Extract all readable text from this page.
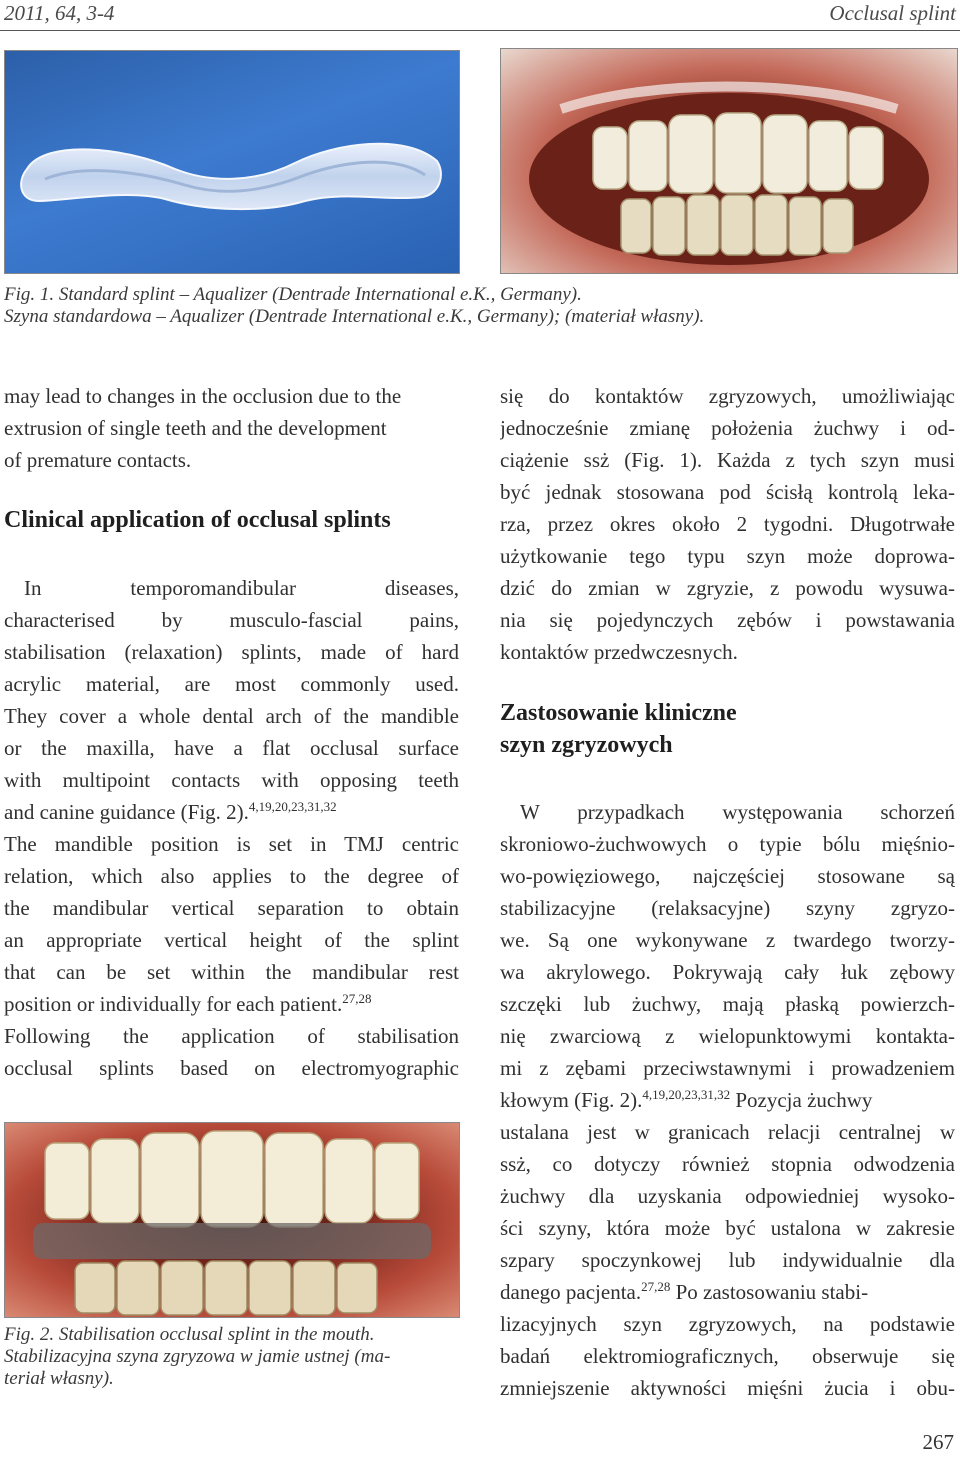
2011, 64, 3-4	Occlusal splint
Fig. 1. Standard splint – Aqualizer (Dentrade International e.K., Germany).
Szyna standardowa – Aqualizer (Dentrade International e.K., Germany); (materiał własny).
may lead to changes in the occlusion due to the
extrusion of single teeth and the development
of premature contacts.
Clinical application of occlusal splints
In temporomandibular diseases,
characterised by musculo-fascial pains,
stabilisation (relaxation) splints, made of hard
acrylic material, are most commonly used.
They cover a whole dental arch of the mandible
or the maxilla, have a flat occlusal surface
with multipoint contacts with opposing teeth
and canine guidance (Fig. 2).$^{4,19,20,23,31,32}$
The mandible position is set in TMJ centric
relation, which also applies to the degree of
the mandibular vertical separation to obtain
an appropriate vertical height of the splint
that can be set within the mandibular rest
position or individually for each patient.$^{27,28}$
Following the application of stabilisation
occlusal splints based on electromyographic
Fig. 2. Stabilisation occlusal splint in the mouth.
Stabilizacyjna szyna zgryzowa w jamie ustnej (ma-
teriał własny).
się do kontaktów zgryzowych, umożliwiając
jednocześnie zmianę położenia żuchwy i od-
ciążenie ssż (Fig. 1). Każda z tych szyn musi
być jednak stosowana pod ścisłą kontrolą leka-
rza, przez okres około 2 tygodni. Długotrwałe
użytkowanie tego typu szyn może doprowa-
dzić do zmian w zgryzie, z powodu wysuwa-
nia się pojedynczych zębów i powstawania
kontaktów przedwczesnych.
Zastosowanie kliniczne
szyn zgryzowych
W przypadkach występowania schorzeń
skroniowo-żuchwowych o typie bólu mięśnio-
wo-powięziowego, najczęściej stosowane są
stabilizacyjne (relaksacyjne) szyny zgryzo-
we. Są one wykonywane z twardego tworzy-
wa akrylowego. Pokrywają cały łuk zębowy
szczęki lub żuchwy, mają płaską powierzch-
nię zwarciową z wielopunktowymi kontakta-
mi z zębami przeciwstawnymi i prowadzeniem
kłowym (Fig. 2).$^{4,19,20,23,31,32}$ Pozycja żuchwy
ustalana jest w granicach relacji centralnej w
ssż, co dotyczy również stopnia odwodzenia
żuchwy dla uzyskania odpowiedniej wysoko-
ści szyny, która może być ustalona w zakresie
szpary spoczynkowej lub indywidualnie dla
danego pacjenta.$^{27,28}$ Po zastosowaniu stabi-
lizacyjnych szyn zgryzowych, na podstawie
badań elektromiograficznych, obserwuje się
zmniejszenie aktywności mięśni żucia i obu-
267
